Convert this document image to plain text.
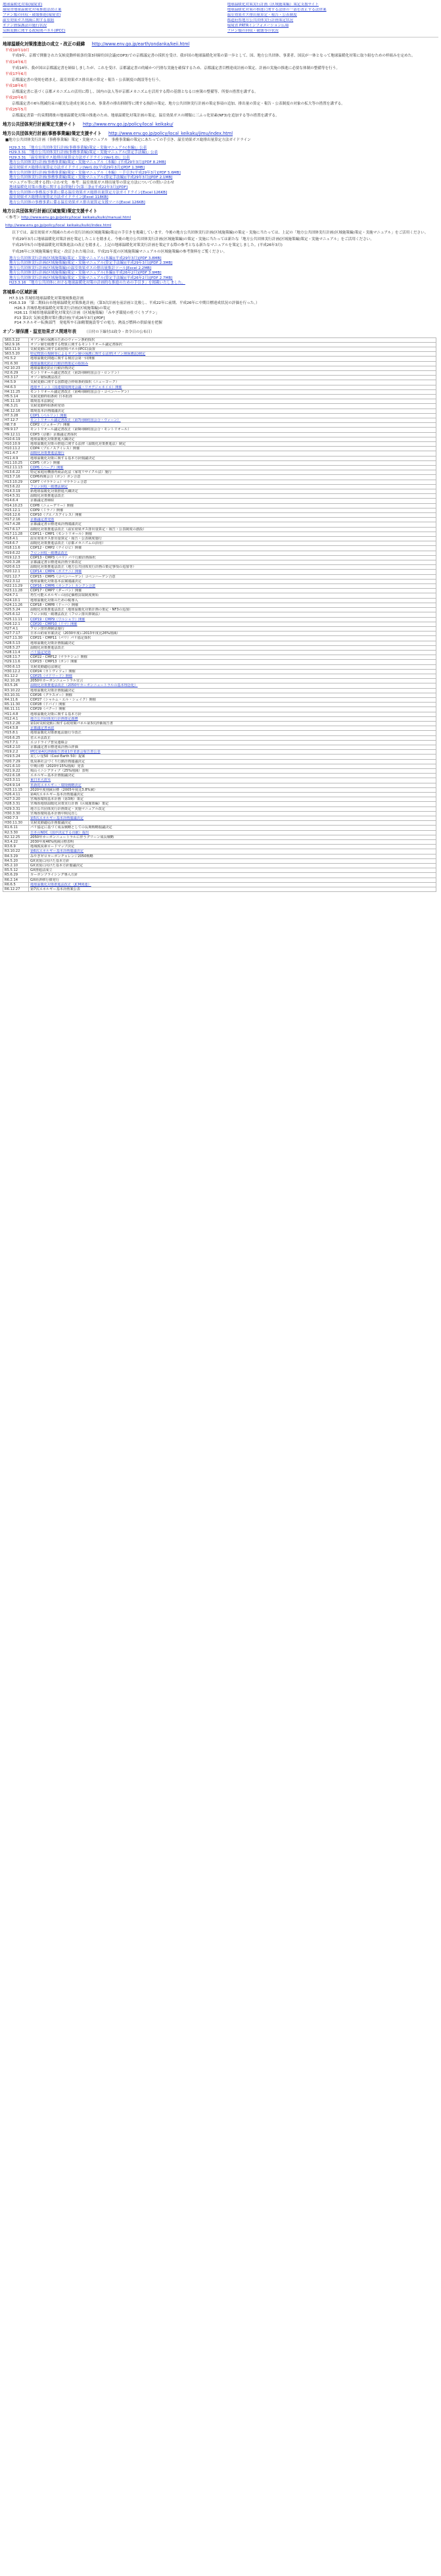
地球温暖化対策(環境省)	地球温暖化対策実行計画（区域施策編）策定支援サイト
環境省地球温暖化対策推進法改正案	地球温暖化対策の推進に関する法律の一部を改正する法律案
フロン類の回収・破壊推進(環境省)	温室効果ガス排出量算定・報告・公表制度
温室効果ガス削減に関する取組	都道府県地方公共団体実行計画策定状況
オゾン層保護法の施行状況	環境省 PRTRインフォメーション広場
気候変動に関する政府間パネル(IPCC)	フロン類の回収・破壊等の状況
地球温暖化対策推進法の成立・改正の経緯 http://www.env.go.jp/earth/ondanka/keii.html
平成10年10月
平成9年、京都で開催された気候変動枠組条約第3回締約国会議(COP3)での京都議定書の採択を受け、我が国の地球温暖化対策の第一歩として、国、地方公共団体、事業者、国民が一体となって地球温暖化対策に取り組むための枠組みを定めた。
平成14年6月
平成14年、我が国は京都議定書を締結しましたが、これを受け、京都議定書の的確かつ円滑な実施を確保するため、京都議定書目標達成計画の策定、計画の実施の推進に必要な体制の整備等を行う。
平成17年6月
京都議定書の発効を踏まえ、温室効果ガス排出量の算定・報告・公表制度の創設等を行う。
平成18年6月
京都議定書に基づく京都メカニズムの活用に際し、国内の法人等が京都メカニズムを活用する際の基盤となる口座簿の整備等、所要の措置を講ずる。
平成20年6月
京都議定書の6％削減約束の確実な達成を図るため、事業者の排出抑制等に関する指針の策定、地方公共団体実行計画の策定事項の追加、排出量の算定・報告・公表制度の対象の拡大等の措置を講ずる。
平成25年5月
京都議定書第一約束期間後の地球温暖化対策の推進のため、地球温暖化対策計画の策定、温室効果ガスの種類に三ふっ化窒素(NF3)を追加する等の措置を講ずる。
地方公共団体実行計画策定支援サイト http://www.env.go.jp/policy/local_keikaku/
地方公共団体実行計画(事務事業編)策定支援サイト http://www.env.go.jp/policy/local_keikaku/jimu/index.html
■地方公共団体実行計画（事務事業編）策定・実施マニュアル　事務事業編の策定にあたっての手引き、温室効果ガス総排出量算定方法ガイドライン
H29.3.31 「地方公共団体実行計画(事務事業編)策定・実施マニュアル(本編)」公表
H29.3.31 「地方公共団体実行計画(事務事業編)策定・実施マニュアル(算定手法編)」公表
H29.3.31 「温室効果ガス総排出量算定方法ガイドライン(Ver1.0)」公表
地方公共団体実行計画(事務事業編)策定・実施マニュアル（本編）(平成29年3月)[PDF 8.2MB]
温室効果ガス総排出量算定方法ガイドライン(Ver1.0)(平成29年3月)[PDF 1.3MB]
地方公共団体実行計画(事務事業編)策定・実施マニュアル（本編）－手引き(平成29年3月)[PDF 5.6MB]
地方公共団体実行計画(事務事業編)策定・実施マニュアル(算定手法編)(平成29年3月)[PDF 2.1MB]
マニュアル等に関する問い合わせ先　参考：温室効果ガス排出量等の算定方法についての問い合わせ
地球温暖化対策の推進に関する法律施行令(第三条)(平成22年3月)[PDF]
地方公共団体の事務及び事業に係る温室効果ガス総排出量算定方法ガイドライン[Excel 126KB]
温室効果ガス総排出量算定方法ガイドライン[Excel 118KB]
地方公共団体の事務事業に係る温室効果ガス排出量算定支援ツール[Excel 126KB]
地方公共団体実行計画(区域施策)策定支援サイト
＜参考＞ http://www.env.go.jp/policy/local_keikaku/kuiki/manual.html
http://www.env.go.jp/policy/local_keikaku/kuiki/index.html
以下では、温室効果ガス削減のための実行計画(区域施策編)策定の手引きを掲載しています。今後の地方公共団体実行計画(区域施策編)の策定・実施に当たっては、上記の「地方公共団体実行計画(区域施策編)策定・実施マニュアル」をご活用ください。
平成29年3月に地球温暖化対策計画を策定したことを踏まえ、今後の地方公共団体実行計画(区域施策編)の策定・実施に当たっては新たな「地方公共団体実行計画(区域施策編)策定・実施マニュアル」をご活用ください。
平成25年5月の地球温暖化対策推進法の改正を踏まえ、上記の地球温暖化対策実行計画を策定する際の参考となる新たなマニュアルを策定しました。(平成26年3月)
平成26年に区域施策編を策定・改訂された場合は、平成21年度の区域施策編マニュアルの区域施策編の参考資料をご覧ください。
地方公共団体実行計画(区域施策編)策定・実施マニュアル(本編)(平成29年3月)[PDF 3.8MB]
地方公共団体実行計画(区域施策編)策定・実施マニュアル(算定手法編)(平成29年3月)[PDF 2.3MB]
地方公共団体実行計画(区域施策編)の温室効果ガスの排出量推計ツール[Excel 2.2MB]
地方公共団体実行計画(区域施策編)策定・実施マニュアル(本編)(平成26年2月)[PDF 3.9MB]
地方公共団体実行計画(区域施策編)策定・実施マニュアル(算定手法編)(平成26年2月)[PDF 2.7MB]
H23.3.16 「地方公共団体における地球温暖化対策の計画的な推進のための手引き」を掲載いたしました。
宮城県の区域計画
H7.3.15 宮城県地球温暖化対策地域推進計画
H16.3.19 「第二期仙台市地球温暖化対策推進計画」（第3次計画を前計画と比較し、平成22年に前期、平成26年に中期目標達成状況の評価を行った。）
H26.3 宮城県地球温暖化対策実行計画(区域施策編)の策定
H26.11 宮城県地球温暖化対策実行計画（区域施策編）「みやぎ環境の杜づくりプラン」
P13 第2次 気候変動対策行動計画(平成26年3月)[PDF]
P14 エネルギー転換部門　発電所や石油精製施設等での電力、熱及び燃料の供給量を把握
オゾン層保護・温室効果ガス関連年表 （日付の下線付は政令・省令日の公布日）
S60.3.22	オゾン層の保護のためのウィーン条約採択
S62.9.16	オゾン層を破壊する物質に関するモントリオール議定書採択
S63.11.9	気候変動に関する政府間パネル(IPCC)設置
S63.5.20	特定物質の規制等によるオゾン層の保護に関する法律(オゾン層保護法)制定
H1.5.2	地球温暖化問題に関する検討会第一回開催
H1.6.30	地球温暖化防止行動計画策定の取組み
H2.10.23	地球温暖化防止行動計画決定
H2.6.29	モントリオール議定書改正（第2回締約国会合・ロンドン）
H3.3.17	オゾン層保護法改正
H4.5.9	気候変動に関する国際連合枠組条約採択（ニューヨーク）
H4.6.3	地球サミット（国連環境開発会議・リオデジャネイロ）開催
H4.11.25	モントリオール議定書改正（第4回締約国会合・コペンハーゲン）
H5.5.14	気候変動枠組条約 日本批准
H5.11.19	環境基本法制定
H6.3.21	気候変動枠組条約発効
H6.12.16	環境基本計画閣議決定
H7.3.28	COP1（ベルリン）開催
H7.12.7	モントリオール議定書改正（第7回締約国会合・ウィーン）
H8.7.8	COP2（ジュネーブ）開催
H9.9.17	モントリオール議定書改正（第9回締約国会合・モントリオール）
H9.12.11	COP3（京都）京都議定書採択
H10.6.19	地球温暖化対策推進大綱決定
H10.10.9	地球温暖化対策の推進に関する法律（温暖化対策推進法）制定
H10.11.2	COP4（ブエノスアイレス）開催
H11.4.7	温暖化対策推進法施行
H11.4.9	地球温暖化対策に関する基本方針閣議決定
H11.10.25	COP5（ボン）開催
H12.11.13	COP6（ハーグ）開催
H13.6.22	特定家庭用機器再商品化法（家電リサイクル法）施行
H13.7.16	COP6再開会合（ボン）ボン合意
H13.10.29	COP7（マラケシュ）マラケシュ合意
H13.6.22	フロン回収・破壊法制定
H14.3.19	新地球温暖化対策推進大綱決定
H14.5.31	温暖化対策推進法改正
H14.6.4	京都議定書締結
H14.10.23	COP8（ニューデリー）開催
H15.12.1	COP9（ミラノ）開催
H16.12.6	COP10（ブエノスアイレス）開催
H17.2.16	京都議定書発効
H17.4.28	京都議定書目標達成計画閣議決定
H17.6.17	温暖化対策推進法改正（温室効果ガス排出量算定・報告・公表制度の創設）
H17.11.28	COP11・CMP1（モントリオール）開催
H18.4.1	温室効果ガス排出量算定・報告・公表制度施行
H18.6.7	温暖化対策推進法改正（京都メカニズムの活用）
H18.11.6	COP12・CMP2（ナイロビ）開催
H19.6.22	フロン回収・破壊法改正
H19.12.3	COP13・CMP3（バリ）バリ行動計画採択
H20.3.28	京都議定書目標達成計画全部改定
H20.6.13	温暖化対策推進法改正（地方公共団体実行計画の策定事項の追加等）
H20.12.1	COP14・CMP4（ポズナニ）開催
H21.12.7	COP15・CMP5（コペンハーゲン）コペンハーゲン合意
H22.3.12	地球温暖化対策基本法案閣議決定
H22.11.29	COP16・CMP6（カンクン）カンクン合意
H23.11.28	COP17・CMP7（ダーバン）開催
H24.7.1	再生可能エネルギーの固定価格買取制度開始
H24.10.1	地球温暖化対策のための税導入
H24.11.26	COP18・CMP8（ドーハ）開催
H25.5.24	温暖化対策推進法改正（地球温暖化対策計画の策定・NF3の追加）
H25.6.12	フロン回収・破壊法改正（フロン排出抑制法）
H25.11.11	COP19・CMP9（ワルシャワ）開催
H26.12.1	COP20・CMP10（リマ）開催
H27.4.1	フロン排出抑制法施行
H27.7.17	日本の約束草案決定（2030年度に2013年度比26%削減）
H27.11.30	COP21・CMP11（パリ）パリ協定採択
H28.5.13	地球温暖化対策計画閣議決定
H28.5.27	温暖化対策推進法改正
H28.11.4	パリ協定発効
H28.11.7	COP22・CMP12（マラケシュ）開催
H29.11.6	COP23・CMP13（ボン）開催
H30.6.13	気候変動適応法制定
H30.12.2	COP24（カトヴィツェ）開催
R1.12.2	COP25（マドリード）開催
R2.10.26	2050年カーボンニュートラル宣言
R3.5.26	温暖化対策推進法改正（2050年カーボンニュートラルの基本理念化）
R3.10.22	地球温暖化対策計画閣議決定
R3.10.31	COP26（グラスゴー）開催
R4.11.6	COP27（シャルム・エル・シェイク）開催
R5.11.30	COP28（ドバイ）開催
R6.11.11	COP29（バクー）開催
H11.4.8	地球温暖化対策に関する基本方針
H12.4.1	地方公共団体実行計画策定義務
H13.2.26	第1回気候変動に関する政府間パネル第3次評価報告書
H14.5.8	京都議定書承認
H15.8.1	地球温暖化対策推進法施行令改正
H16.6.25	省エネ法改正
H17.7.1	エコドライブ普及連絡会
H18.2.10	京都議定書目標達成計画の評価
H19.2.2	IPCC第4次評価報告書第1作業部会報告書公表
H19.5.24	美しい星50（Cool Earth 50）提案
H20.7.29	低炭素社会づくり行動計画閣議決定
H21.6.10	中期目標（2020年15%削減）発表
H21.9.22	鳩山イニシアティブ（25%削減）表明
H22.6.18	エネルギー基本計画閣議決定
H23.3.11	東日本大震災
H24.9.14	革新的エネルギー・環境戦略決定
H25.11.15	2020年度削減目標（2005年度比3.8%減）
H26.4.11	第4次エネルギー基本計画閣議決定
H27.3.20	宮城県環境基本計画（第3期）策定
H28.3.31	宮城県地球温暖化対策実行計画（区域施策編）策定
H29.3.31	地方公共団体実行計画策定・実施マニュアル改定
H30.3.30	宮城県環境基本計画中間見直し
H30.7.3	第5次エネルギー基本計画閣議決定
H30.11.30	気候変動適応計画閣議決定
R1.6.11	パリ協定に基づく成長戦略としての長期戦略閣議決定
R2.3.30	日本のNDC（国が決定する貢献）提出
R2.12.25	2050年カーボンニュートラルに伴うグリーン成長戦略
R3.4.22	2030年度46%削減目標表明
R3.6.9	地域脱炭素ロードマップ決定
R3.10.22	第6次エネルギー基本計画閣議決定
R4.3.29	みやぎゼロカーボンチャレンジ2050戦略
R4.5.20	GX実現に向けた基本方針
R5.2.10	GX実現に向けた基本方針閣議決定
R5.5.12	GX推進法成立
R5.6.29	カーボンプライシング導入方針
R6.2.14	GX経済移行債発行
R6.6.5	地球温暖化対策推進法改正（JCM関連）
R6.12.27	第7次エネルギー基本計画案公表
